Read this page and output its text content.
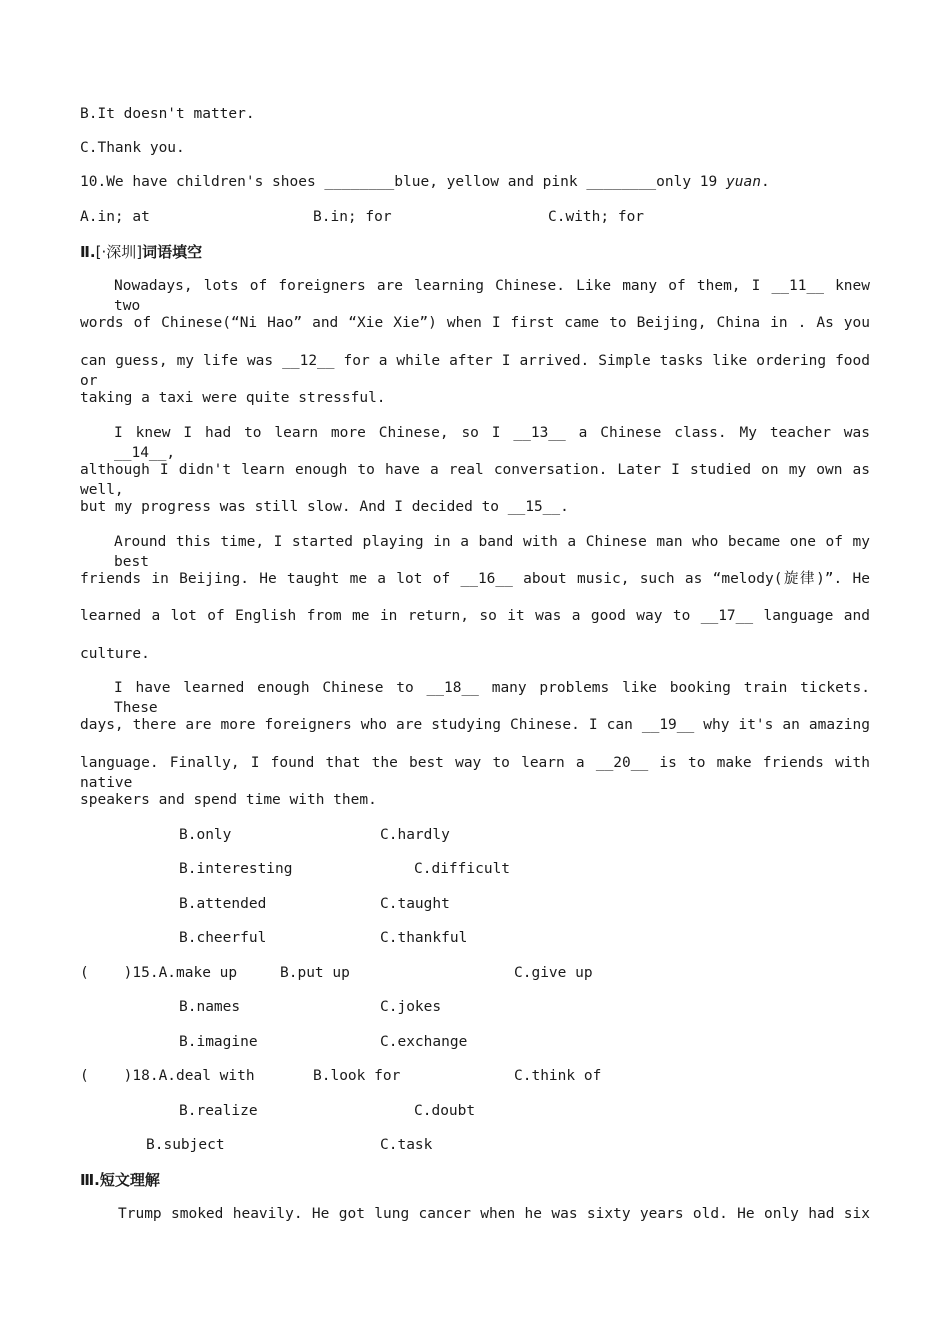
B.It doesn't matter.
C.Thank you.
10.We have children's shoes ________blue, yellow and pink ________only 19 yuan.
A.in; at	B.in; for	C.with; for
Ⅱ.[·深圳]词语填空
Nowadays, lots of foreigners are learning Chinese. Like many of them, I __11__ knew two
words of Chinese(“Ni Hao” and “Xie Xie”) when I first came to Beijing, China in . As you
can guess, my life was __12__ for a while after I arrived. Simple tasks like ordering food or
taking a taxi were quite stressful.
I knew I had to learn more Chinese, so I __13__ a Chinese class. My teacher was __14__,
although I didn't learn enough to have a real conversation. Later I studied on my own as well,
but my progress was still slow. And I decided to __15__.
Around this time, I started playing in a band with a Chinese man who became one of my best
friends in Beijing. He taught me a lot of __16__ about music, such as “melody(旋律)”. He
learned a lot of English from me in return, so it was a good way to __17__ language and
culture.
I have learned enough Chinese to __18__ many problems like booking train tickets. These
days, there are more foreigners who are studying Chinese. I can __19__ why it's an amazing
language. Finally, I found that the best way to learn a __20__ is to make friends with native
speakers and spend time with them.
B.only	C.hardly
B.interesting	C.difficult
B.attended	C.taught
B.cheerful	C.thankful
(    )15.A.make up	B.put up	C.give up
B.names	C.jokes
B.imagine	C.exchange
(    )18.A.deal with	B.look for	C.think of
B.realize	C.doubt
B.subject	C.task
Ⅲ.短文理解
Trump smoked heavily. He got lung cancer when he was sixty years old. He only had six
